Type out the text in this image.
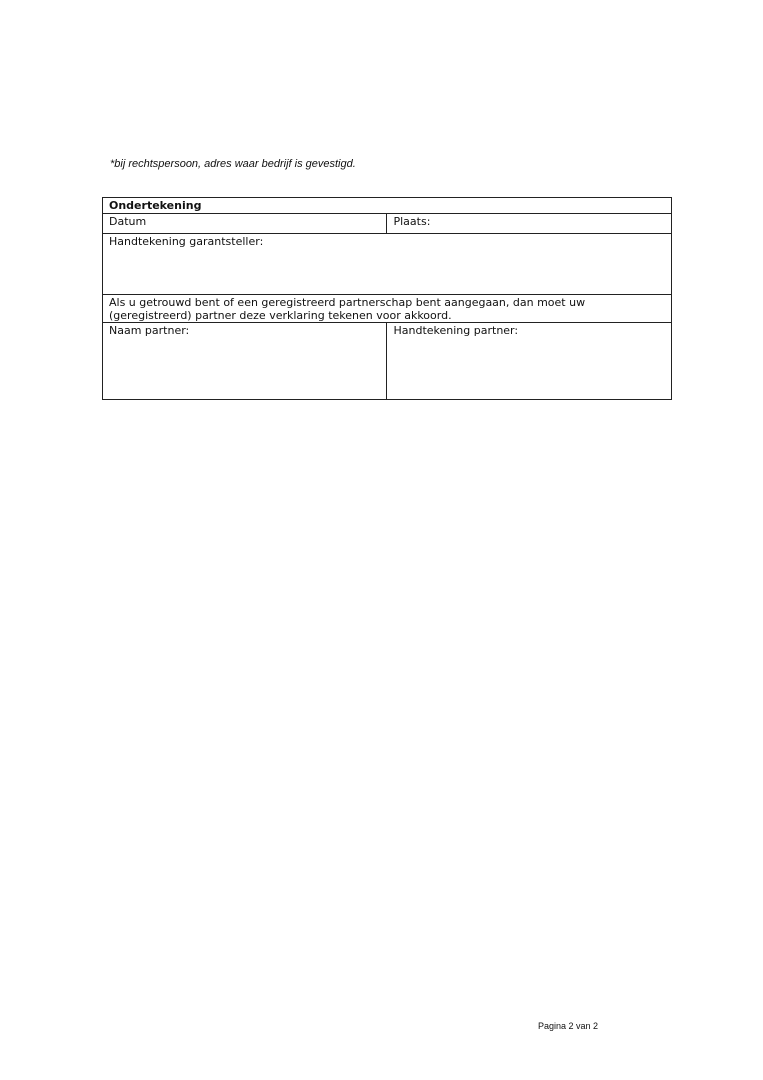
*bij rechtspersoon, adres waar bedrijf is gevestigd.

Ondertekening	
Datum	Plaats:
Handtekening garantsteller:	
Als u getrouwd bent of een geregistreerd partnerschap bent aangegaan, dan moet uw (geregistreerd) partner deze verklaring tekenen voor akkoord.	
Naam partner:	Handtekening partner:

Pagina 2 van 2
